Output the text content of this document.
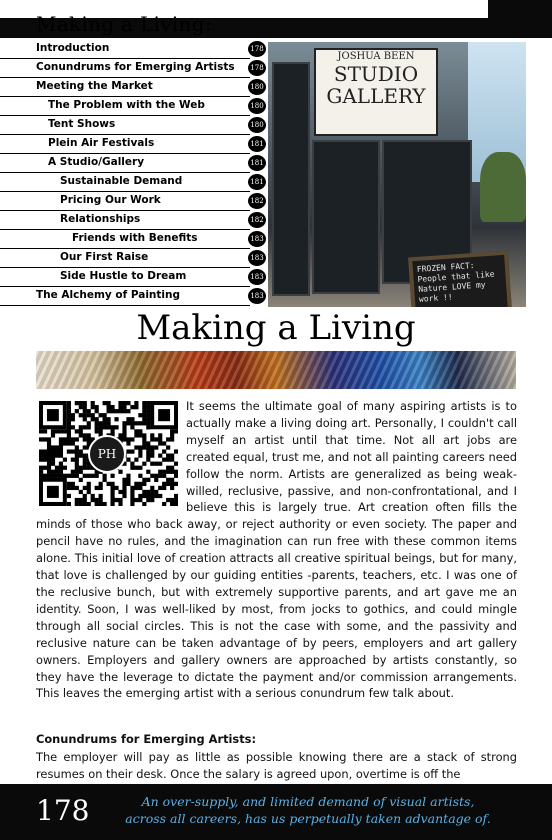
Making a Living:
Introduction	178
Conundrums for Emerging Artists	178
Meeting the Market	180
The Problem with the Web	180
Tent Shows	180
Plein Air Festivals	181
A Studio/Gallery	181
Sustainable Demand	181
Pricing Our Work	182
Relationships	182
Friends with Benefits	183
Our First Raise	183
Side Hustle to Dream	183
The Alchemy of Painting	183
JOSHUA BEEN

STUDIO
GALLERY
FROZEN FACT: People that like Nature LOVE my work !!
Making a Living
It seems the ultimate goal of many aspiring artists is to actually make a living doing art. Personally, I couldn't call myself an artist until that time. Not all art jobs are created equal, trust me, and not all painting careers need follow the norm. Artists are generalized as being weak-willed, reclusive, passive, and non-confrontational, and I believe this is largely true. Art creation often fills the minds of those who back away, or reject authority or even society. The paper and pencil have no rules, and the imagination can run free with these common items alone. This initial love of creation attracts all creative spiritual beings, but for many, that love is challenged by our guiding entities -parents, teachers, etc. I was one of the reclusive bunch, but with extremely supportive parents, and art gave me an identity. Soon, I was well-liked by most, from jocks to gothics, and could mingle through all social circles. This is not the case with some, and the passivity and reclusive nature can be taken advantage of by peers, employers and art gallery owners. Employers and gallery owners are approached by artists constantly, so they have the leverage to dictate the payment and/or commission arrangements. This leaves the emerging artist with a serious conundrum few talk about.
PH
Conundrums for Emerging Artists:
The employer will pay as little as possible knowing there are a stack of strong resumes on their desk. Once the salary is agreed upon, overtime is off the
178	An over-supply, and limited demand of visual artists,
across all careers, has us perpetually taken advantage of.
